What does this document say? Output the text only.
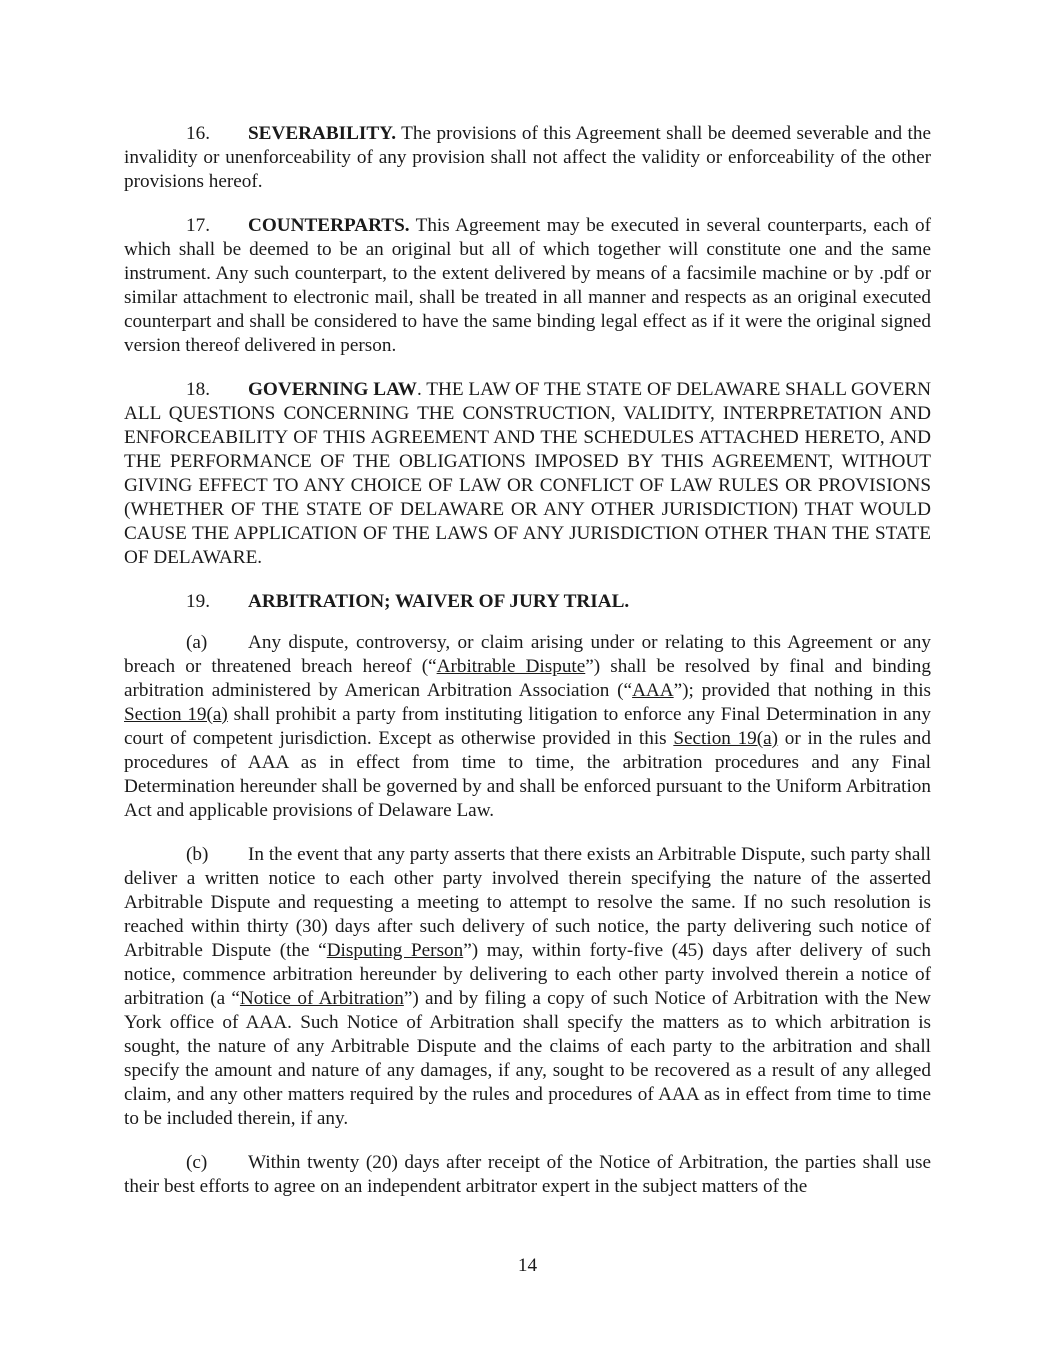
16. SEVERABILITY. The provisions of this Agreement shall be deemed severable and the invalidity or unenforceability of any provision shall not affect the validity or enforceability of the other provisions hereof.

17. COUNTERPARTS. This Agreement may be executed in several counterparts, each of which shall be deemed to be an original but all of which together will constitute one and the same instrument. Any such counterpart, to the extent delivered by means of a facsimile machine or by .pdf or similar attachment to electronic mail, shall be treated in all manner and respects as an original executed counterpart and shall be considered to have the same binding legal effect as if it were the original signed version thereof delivered in person.

18. GOVERNING LAW. THE LAW OF THE STATE OF DELAWARE SHALL GOVERN ALL QUESTIONS CONCERNING THE CONSTRUCTION, VALIDITY, INTERPRETATION AND ENFORCEABILITY OF THIS AGREEMENT AND THE SCHEDULES ATTACHED HERETO, AND THE PERFORMANCE OF THE OBLIGATIONS IMPOSED BY THIS AGREEMENT, WITHOUT GIVING EFFECT TO ANY CHOICE OF LAW OR CONFLICT OF LAW RULES OR PROVISIONS (WHETHER OF THE STATE OF DELAWARE OR ANY OTHER JURISDICTION) THAT WOULD CAUSE THE APPLICATION OF THE LAWS OF ANY JURISDICTION OTHER THAN THE STATE OF DELAWARE.

19. ARBITRATION; WAIVER OF JURY TRIAL.

(a) Any dispute, controversy, or claim arising under or relating to this Agreement or any breach or threatened breach hereof (“Arbitrable Dispute”) shall be resolved by final and binding arbitration administered by American Arbitration Association (“AAA”); provided that nothing in this Section 19(a) shall prohibit a party from instituting litigation to enforce any Final Determination in any court of competent jurisdiction. Except as otherwise provided in this Section 19(a) or in the rules and procedures of AAA as in effect from time to time, the arbitration procedures and any Final Determination hereunder shall be governed by and shall be enforced pursuant to the Uniform Arbitration Act and applicable provisions of Delaware Law.

(b) In the event that any party asserts that there exists an Arbitrable Dispute, such party shall deliver a written notice to each other party involved therein specifying the nature of the asserted Arbitrable Dispute and requesting a meeting to attempt to resolve the same. If no such resolution is reached within thirty (30) days after such delivery of such notice, the party delivering such notice of Arbitrable Dispute (the “Disputing Person”) may, within forty-five (45) days after delivery of such notice, commence arbitration hereunder by delivering to each other party involved therein a notice of arbitration (a “Notice of Arbitration”) and by filing a copy of such Notice of Arbitration with the New York office of AAA. Such Notice of Arbitration shall specify the matters as to which arbitration is sought, the nature of any Arbitrable Dispute and the claims of each party to the arbitration and shall specify the amount and nature of any damages, if any, sought to be recovered as a result of any alleged claim, and any other matters required by the rules and procedures of AAA as in effect from time to time to be included therein, if any.

(c) Within twenty (20) days after receipt of the Notice of Arbitration, the parties shall use their best efforts to agree on an independent arbitrator expert in the subject matters of the

14
